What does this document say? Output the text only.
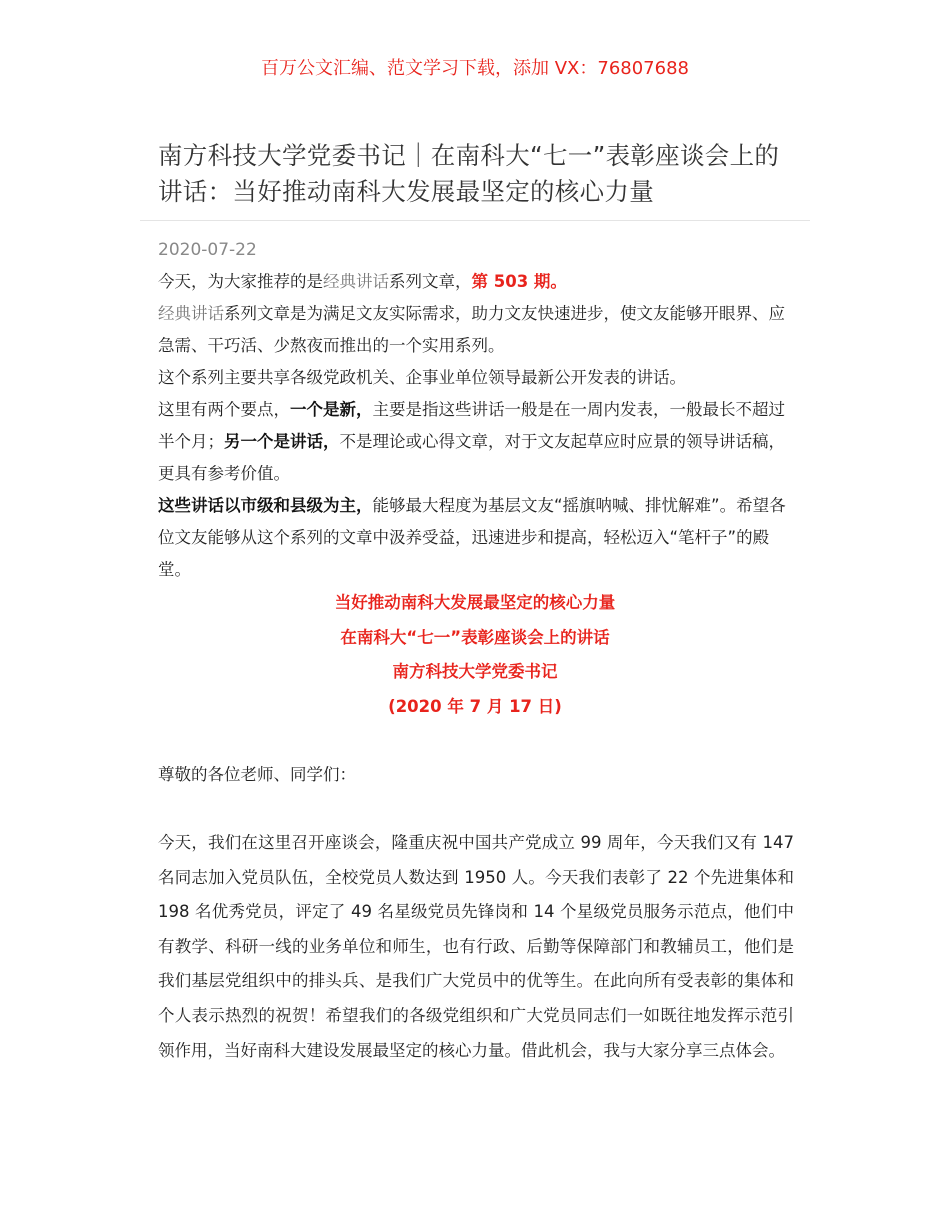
百万公文汇编、范文学习下载，添加 VX：76807688
南方科技大学党委书记｜在南科大“七一”表彰座谈会上的讲话：当好推动南科大发展最坚定的核心力量
2020-07-22

今天，为大家推荐的是经典讲话系列文章，第 503 期。

经典讲话系列文章是为满足文友实际需求，助力文友快速进步，使文友能够开眼界、应急需、干巧活、少熬夜而推出的一个实用系列。

这个系列主要共享各级党政机关、企事业单位领导最新公开发表的讲话。

这里有两个要点，一个是新，主要是指这些讲话一般是在一周内发表，一般最长不超过半个月；另一个是讲话，不是理论或心得文章，对于文友起草应时应景的领导讲话稿，更具有参考价值。

这些讲话以市级和县级为主，能够最大程度为基层文友“摇旗呐喊、排忧解难”。希望各位文友能够从这个系列的文章中汲养受益，迅速进步和提高，轻松迈入“笔杆子”的殿堂。

当好推动南科大发展最坚定的核心力量
在南科大“七一”表彰座谈会上的讲话
南方科技大学党委书记
(2020 年 7 月 17 日)
尊敬的各位老师、同学们：
今天，我们在这里召开座谈会，隆重庆祝中国共产党成立 99 周年，今天我们又有 147 名同志加入党员队伍，全校党员人数达到 1950 人。今天我们表彰了 22 个先进集体和 198 名优秀党员，评定了 49 名星级党员先锋岗和 14 个星级党员服务示范点，他们中有教学、科研一线的业务单位和师生，也有行政、后勤等保障部门和教辅员工，他们是我们基层党组织中的排头兵、是我们广大党员中的优等生。在此向所有受表彰的集体和个人表示热烈的祝贺！希望我们的各级党组织和广大党员同志们一如既往地发挥示范引领作用，当好南科大建设发展最坚定的核心力量。借此机会，我与大家分享三点体会。
